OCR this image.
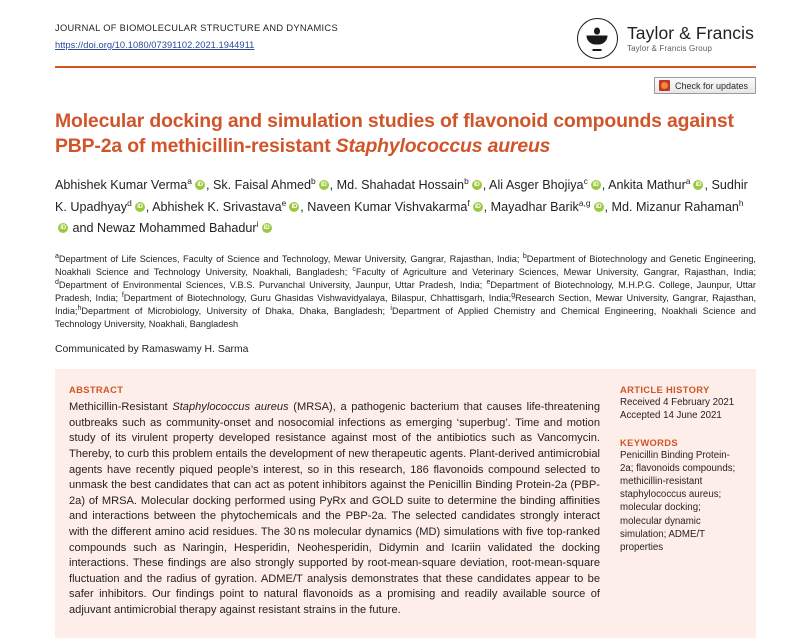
JOURNAL OF BIOMOLECULAR STRUCTURE AND DYNAMICS
https://doi.org/10.1080/07391102.2021.1944911
Taylor & Francis
Taylor & Francis Group
Check for updates
Molecular docking and simulation studies of flavonoid compounds against PBP-2a of methicillin-resistant Staphylococcus aureus
Abhishek Kumar Verma$^a$ iD , Sk. Faisal Ahmed$^b$ iD , Md. Shahadat Hossain$^b$ iD , Ali Asger Bhojiya$^c$ iD , Ankita Mathur$^a$ iD , Sudhir K. Upadhyay$^d$ iD , Abhishek K. Srivastava$^e$ iD , Naveen Kumar Vishvakarma$^f$ iD , Mayadhar Barik$^{a,g}$ iD , Md. Mizanur Rahaman$^h$iD and Newaz Mohammed Bahadur$^i$iD
$^a$Department of Life Sciences, Faculty of Science and Technology, Mewar University, Gangrar, Rajasthan, India; $^b$Department of Biotechnology and Genetic Engineering, Noakhali Science and Technology University, Noakhali, Bangladesh; $^c$Faculty of Agriculture and Veterinary Sciences, Mewar University, Gangrar, Rajasthan, India; $^d$Department of Environmental Sciences, V.B.S. Purvanchal University, Jaunpur, Uttar Pradesh, India; $^e$Department of Biotechnology, M.H.P.G. College, Jaunpur, Uttar Pradesh, India; $^f$Department of Biotechnology, Guru Ghasidas Vishwavidyalaya, Bilaspur, Chhattisgarh, India;$^g$Research Section, Mewar University, Gangrar, Rajasthan, India;$^h$Department of Microbiology, University of Dhaka, Dhaka, Bangladesh; $^i$Department of Applied Chemistry and Chemical Engineering, Noakhali Science and Technology University, Noakhali, Bangladesh
Communicated by Ramaswamy H. Sarma
ABSTRACT
Methicillin-Resistant Staphylococcus aureus (MRSA), a pathogenic bacterium that causes life-threatening outbreaks such as community-onset and nosocomial infections as emerging ‘superbug’. Time and motion study of its virulent property developed resistance against most of the antibiotics such as Vancomycin. Thereby, to curb this problem entails the development of new therapeutic agents. Plant-derived antimicrobial agents have recently piqued people’s interest, so in this research, 186 flavonoids compound selected to unmask the best candidates that can act as potent inhibitors against the Penicillin Binding Protein-2a (PBP-2a) of MRSA. Molecular docking performed using PyRx and GOLD suite to determine the binding affinities and interactions between the phytochemicals and the PBP-2a. The selected candidates strongly interact with the different amino acid residues. The 30 ns molecular dynamics (MD) simulations with five top-ranked compounds such as Naringin, Hesperidin, Neohesperidin, Didymin and Icariin validated the docking interactions. These findings are also strongly supported by root-mean-square deviation, root-mean-square fluctuation and the radius of gyration. ADME/T analysis demonstrates that these candidates appear to be safer inhibitors. Our findings point to natural flavonoids as a promising and readily available source of adjuvant antimicrobial therapy against resistant strains in the future.
ARTICLE HISTORY
Received 4 February 2021
Accepted 14 June 2021
KEYWORDS
Penicillin Binding Protein-2a; flavonoids compounds; methicillin-resistant staphylococcus aureus; molecular docking; molecular dynamic simulation; ADME/T properties
